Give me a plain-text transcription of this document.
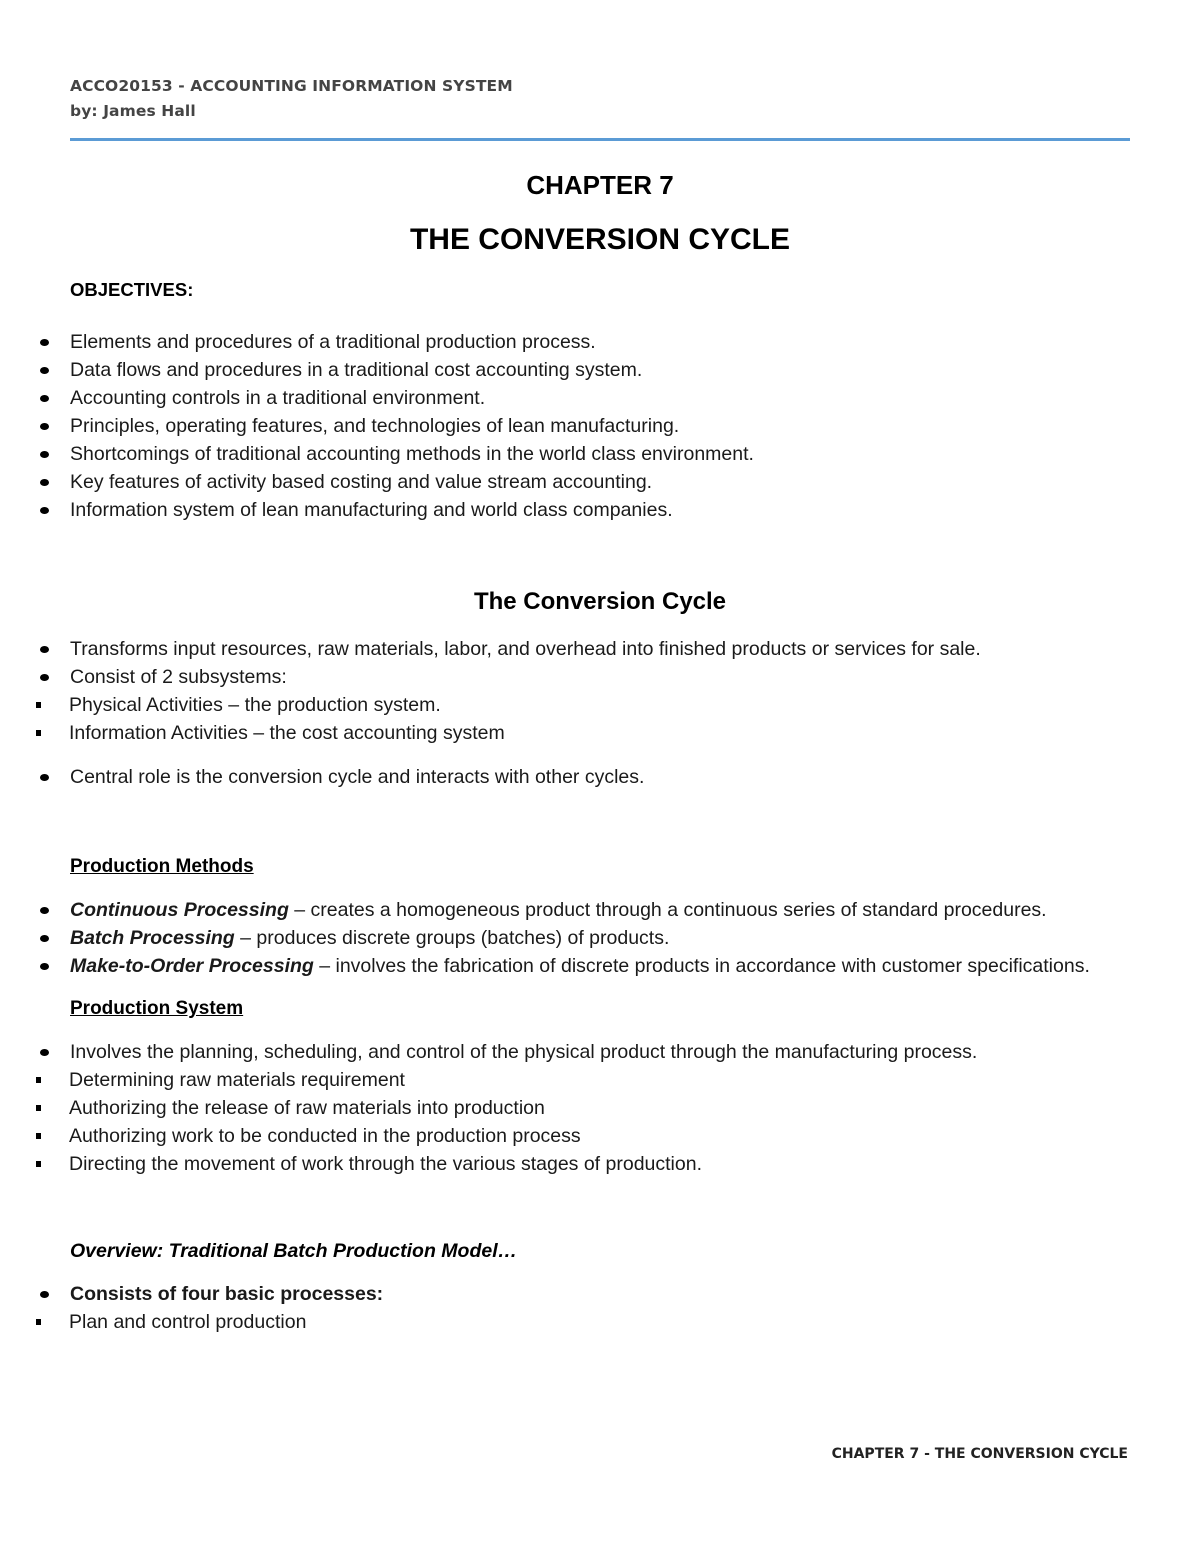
ACCO20153 - ACCOUNTING INFORMATION SYSTEM
by: James Hall
CHAPTER 7
THE CONVERSION CYCLE
OBJECTIVES:
Elements and procedures of a traditional production process.
Data flows and procedures in a traditional cost accounting system.
Accounting controls in a traditional environment.
Principles, operating features, and technologies of lean manufacturing.
Shortcomings of traditional accounting methods in the world class environment.
Key features of activity based costing and value stream accounting.
Information system of lean manufacturing and world class companies.
The Conversion Cycle
Transforms input resources, raw materials, labor, and overhead into finished products or services for sale.
Consist of 2 subsystems:
Physical Activities – the production system.
Information Activities – the cost accounting system
Central role is the conversion cycle and interacts with other cycles.
Production Methods
Continuous Processing – creates a homogeneous product through a continuous series of standard procedures.
Batch Processing – produces discrete groups (batches) of products.
Make-to-Order Processing – involves the fabrication of discrete products in accordance with customer specifications.
Production System
Involves the planning, scheduling, and control of the physical product through the manufacturing process.
Determining raw materials requirement
Authorizing the release of raw materials into production
Authorizing work to be conducted in the production process
Directing the movement of work through the various stages of production.
Overview: Traditional Batch Production Model…
Consists of four basic processes:
Plan and control production
CHAPTER 7 - THE CONVERSION CYCLE
